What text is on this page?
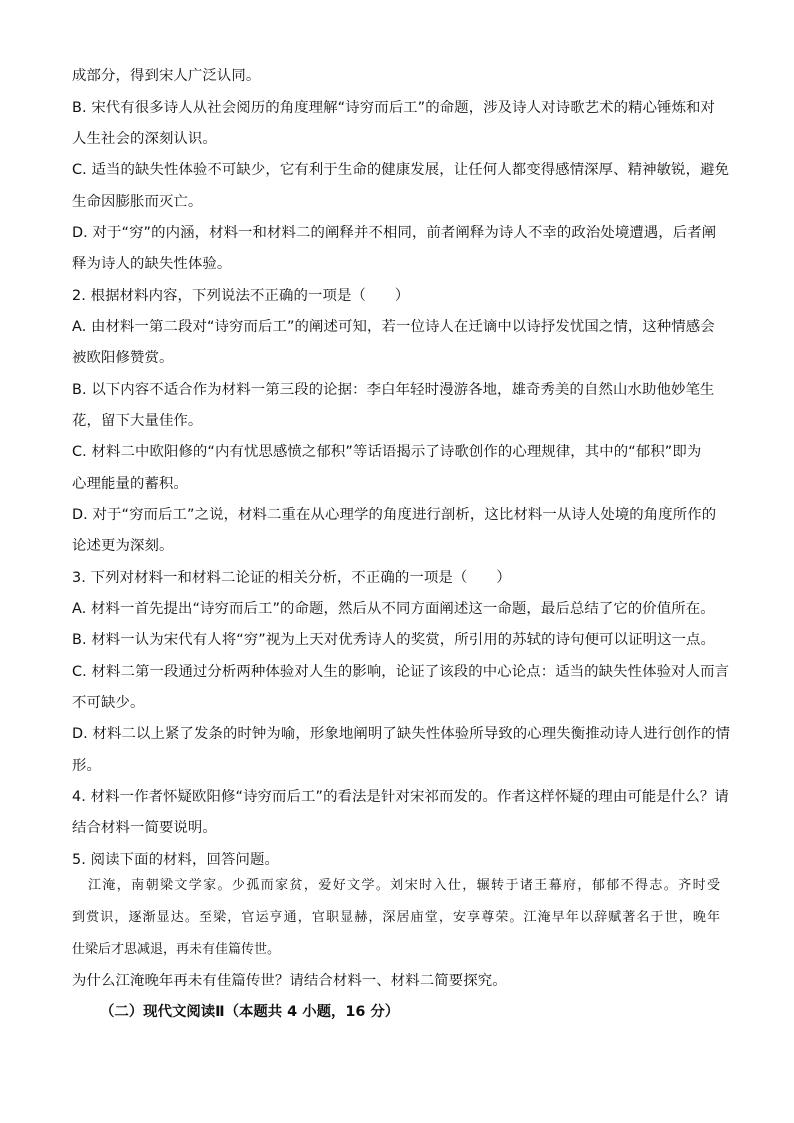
成部分，得到宋人广泛认同。
B. 宋代有很多诗人从社会阅历的角度理解“诗穷而后工”的命题，涉及诗人对诗歌艺术的精心锤炼和对
人生社会的深刻认识。
C. 适当的缺失性体验不可缺少，它有利于生命的健康发展，让任何人都变得感情深厚、精神敏锐，避免
生命因膨胀而灭亡。
D. 对于“穷”的内涵，材料一和材料二的阐释并不相同，前者阐释为诗人不幸的政治处境遭遇，后者阐
释为诗人的缺失性体验。
2. 根据材料内容，下列说法不正确的一项是（　　）
A. 由材料一第二段对“诗穷而后工”的阐述可知，若一位诗人在迁谪中以诗抒发忧国之情，这种情感会
被欧阳修赞赏。
B. 以下内容不适合作为材料一第三段的论据：李白年轻时漫游各地，雄奇秀美的自然山水助他妙笔生
花，留下大量佳作。
C. 材料二中欧阳修的“内有忧思感愤之郁积”等话语揭示了诗歌创作的心理规律，其中的“郁积”即为
心理能量的蓄积。
D. 对于“穷而后工”之说，材料二重在从心理学的角度进行剖析，这比材料一从诗人处境的角度所作的
论述更为深刻。
3. 下列对材料一和材料二论证的相关分析，不正确的一项是（　　）
A. 材料一首先提出“诗穷而后工”的命题，然后从不同方面阐述这一命题，最后总结了它的价值所在。
B. 材料一认为宋代有人将“穷”视为上天对优秀诗人的奖赏，所引用的苏轼的诗句便可以证明这一点。
C. 材料二第一段通过分析两种体验对人生的影响，论证了该段的中心论点：适当的缺失性体验对人而言
不可缺少。
D. 材料二以上紧了发条的时钟为喻，形象地阐明了缺失性体验所导致的心理失衡推动诗人进行创作的情
形。
4. 材料一作者怀疑欧阳修“诗穷而后工”的看法是针对宋祁而发的。作者这样怀疑的理由可能是什么？请
结合材料一简要说明。
5. 阅读下面的材料，回答问题。
江淹，南朝梁文学家。少孤而家贫，爱好文学。刘宋时入仕，辗转于诸王幕府，郁郁不得志。齐时受
到赏识，逐渐显达。至梁，官运亨通，官职显赫，深居庙堂，安享尊荣。江淹早年以辞赋著名于世，晚年
仕梁后才思减退，再未有佳篇传世。
为什么江淹晚年再未有佳篇传世？请结合材料一、材料二简要探究。
（二）现代文阅读Ⅱ（本题共 4 小题，16 分）
